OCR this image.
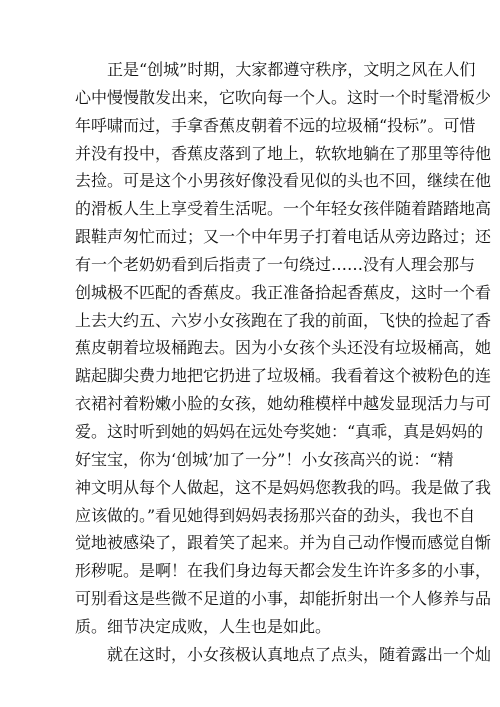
正是“创城”时期，大家都遵守秩序，文明之风在人们
心中慢慢散发出来，它吹向每一个人。这时一个时髦滑板少
年呼啸而过，手拿香蕉皮朝着不远的垃圾桶“投标”。可惜
并没有投中，香蕉皮落到了地上，软软地躺在了那里等待他
去捡。可是这个小男孩好像没看见似的头也不回，继续在他
的滑板人生上享受着生活呢。一个年轻女孩伴随着踏踏地高
跟鞋声匆忙而过；又一个中年男子打着电话从旁边路过；还
有一个老奶奶看到后指责了一句绕过……没有人理会那与
创城极不匹配的香蕉皮。我正准备拾起香蕉皮，这时一个看
上去大约五、六岁小女孩跑在了我的前面，飞快的捡起了香
蕉皮朝着垃圾桶跑去。因为小女孩个头还没有垃圾桶高，她
踮起脚尖费力地把它扔进了垃圾桶。我看着这个被粉色的连
衣裙衬着粉嫩小脸的女孩，她幼稚模样中越发显现活力与可
爱。这时听到她的妈妈在远处夸奖她：“真乖，真是妈妈的
好宝宝，你为‘创城’加了一分”！小女孩高兴的说：“精
神文明从每个人做起，这不是妈妈您教我的吗。我是做了我
应该做的。”看见她得到妈妈表扬那兴奋的劲头，我也不自
觉地被感染了，跟着笑了起来。并为自己动作慢而感觉自惭
形秽呢。是啊！在我们身边每天都会发生许许多多的小事，
可别看这是些微不足道的小事，却能折射出一个人修养与品
质。细节决定成败，人生也是如此。
就在这时，小女孩极认真地点了点头，随着露出一个灿
